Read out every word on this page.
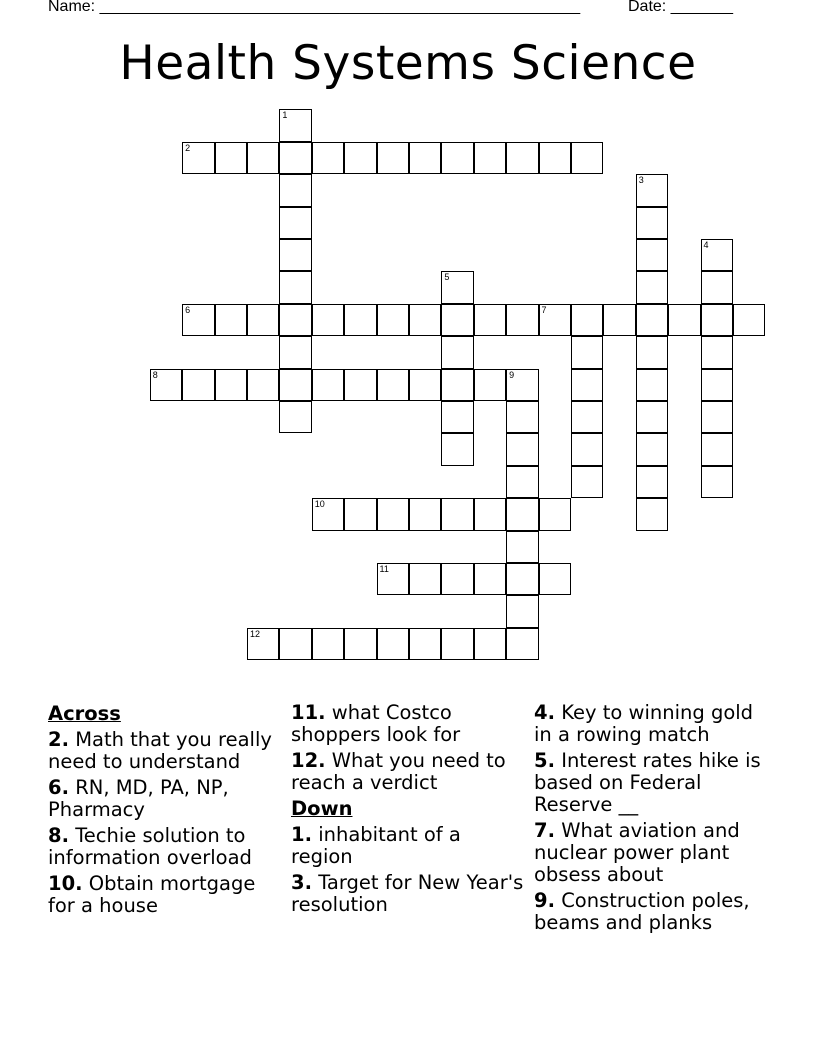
Name: ______________________________________________________	Date: _______
Health Systems Science
1
2
3
4
5
6	7
8	9
10
11
12
Across
2. Math that you really need to understand
6. RN, MD, PA, NP, Pharmacy
8. Techie solution to information overload
10. Obtain mortgage for a house
11. what Costco shoppers look for
12. What you need to reach a verdict
Down
1. inhabitant of a region
3. Target for New Year's resolution
4. Key to winning gold in a rowing match
5. Interest rates hike is based on Federal Reserve __
7. What aviation and nuclear power plant obsess about
9. Construction poles, beams and planks
